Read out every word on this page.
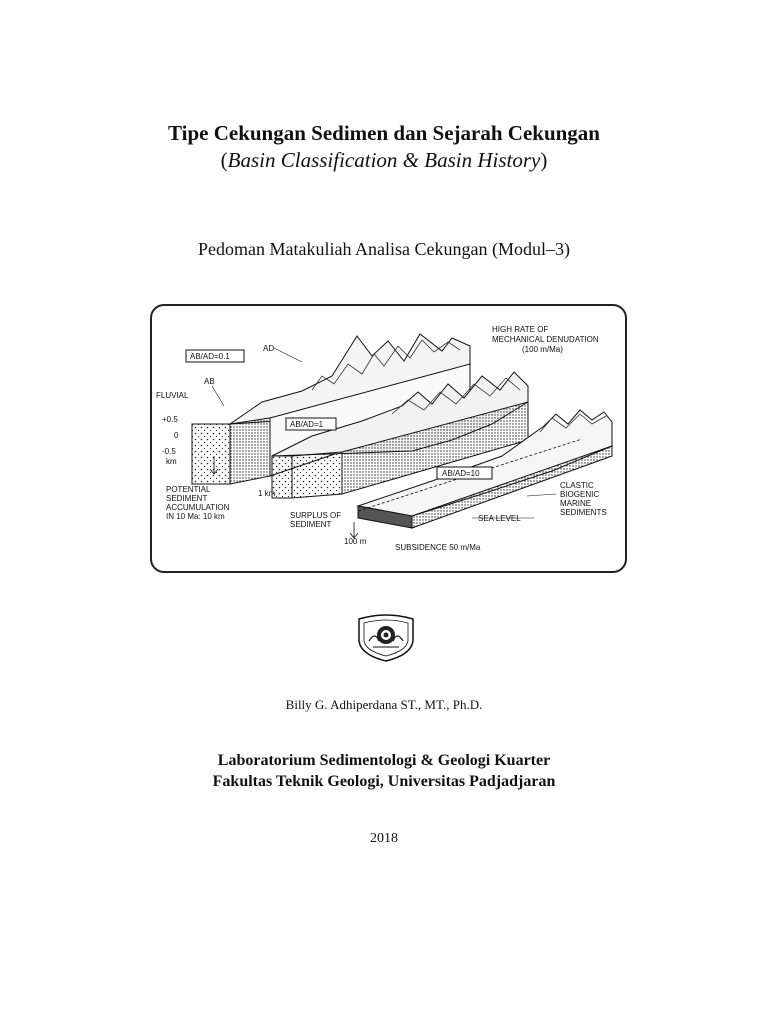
Tipe Cekungan Sedimen dan Sejarah Cekungan
(Basin Classification & Basin History)
Pedoman Matakuliah Analisa Cekungan (Modul–3)
AD
AB/AD=0.1
AB
FLUVIAL
+0.5
0
-0.5
km
AB/AD=1
AB/AD=10
HIGH RATE OF
MECHANICAL DENUDATION
(100 m/Ma)
POTENTIAL
SEDIMENT
ACCUMULATION
IN 10 Ma: 10 km
1 km
SURPLUS OF
SEDIMENT
100 m
SUBSIDENCE 50 m/Ma
SEA LEVEL
CLASTIC
BIOGENIC
MARINE
SEDIMENTS
Billy G. Adhiperdana ST., MT., Ph.D.
Laboratorium Sedimentologi & Geologi Kuarter
Fakultas Teknik Geologi, Universitas Padjadjaran
2018
